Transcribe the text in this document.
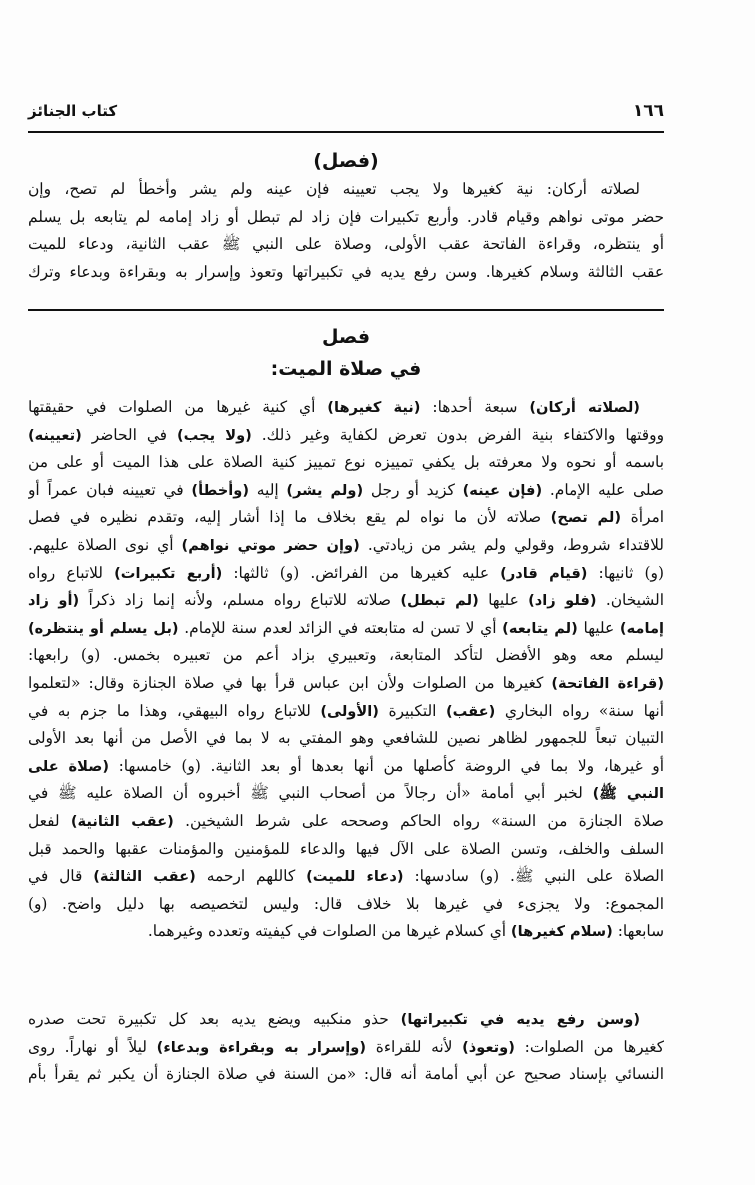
١٦٦
كتاب الجنائز
(فصل)
لصلاته أركان: نية كغيرها ولا يجب تعيينه فإن عينه ولم يشر وأخطأ لم تصح، وإن
حضر موتى نواهم وقيام قادر. وأربع تكبيرات فإن زاد لم تبطل أو زاد إمامه لم يتابعه بل يسلم
أو ينتظره، وقراءة الفاتحة عقب الأولى، وصلاة على النبي ﷺ عقب الثانية، ودعاء للميت
عقب الثالثة وسلام كغيرها. وسن رفع يديه في تكبيراتها وتعوذ وإسرار به وبقراءة وبدعاء وترك
فصل
في صلاة الميت:
(لصلاته أركان) سبعة أحدها: (نية كغيرها) أي كنية غيرها من الصلوات في حقيقتها
ووقتها والاكتفاء بنية الفرض بدون تعرض لكفاية وغير ذلك. (ولا يجب) في الحاضر (تعيينه)
باسمه أو نحوه ولا معرفته بل يكفي تمييزه نوع تمييز كنية الصلاة على هذا الميت أو على من
صلى عليه الإمام. (فإن عينه) كزيد أو رجل (ولم يشر) إليه (وأخطأ) في تعيينه فبان عمراً أو
امرأة (لم تصح) صلاته لأن ما نواه لم يقع بخلاف ما إذا أشار إليه، وتقدم نظيره في فصل
للاقتداء شروط، وقولي ولم يشر من زيادتي. (وإن حضر موتي نواهم) أي نوى الصلاة عليهم.
(و) ثانيها: (قيام قادر) عليه كغيرها من الفرائض. (و) ثالثها: (أربع تكبيرات) للاتباع رواه
الشيخان. (فلو زاد) عليها (لم تبطل) صلاته للاتباع رواه مسلم، ولأنه إنما زاد ذكراً (أو زاد
إمامه) عليها (لم يتابعه) أي لا تسن له متابعته في الزائد لعدم سنة للإمام. (بل يسلم أو ينتظره)
ليسلم معه وهو الأفضل لتأكد المتابعة، وتعبيري بزاد أعم من تعبيره بخمس. (و) رابعها:
(قراءة الفاتحة) كغيرها من الصلوات ولأن ابن عباس قرأ بها في صلاة الجنازة وقال: «لتعلموا
أنها سنة» رواه البخاري (عقب) التكبيرة (الأولى) للاتباع رواه البيهقي، وهذا ما جزم به في
التبيان تبعاً للجمهور لظاهر نصين للشافعي وهو المفتي به لا بما في الأصل من أنها بعد الأولى
أو غيرها، ولا بما في الروضة كأصلها من أنها بعدها أو بعد الثانية. (و) خامسها: (صلاة على
النبي ﷺ) لخبر أبي أمامة «أن رجالاً من أصحاب النبي ﷺ أخبروه أن الصلاة عليه ﷺ في
صلاة الجنازة من السنة» رواه الحاكم وصححه على شرط الشيخين. (عقب الثانية) لفعل
السلف والخلف، وتسن الصلاة على الآل فيها والدعاء للمؤمنين والمؤمنات عقبها والحمد قبل
الصلاة على النبي ﷺ. (و) سادسها: (دعاء للميت) كاللهم ارحمه (عقب الثالثة) قال في
المجموع: ولا يجزىء في غيرها بلا خلاف قال: وليس لتخصيصه بها دليل واضح. (و)
سابعها: (سلام كغيرها) أي كسلام غيرها من الصلوات في كيفيته وتعدده وغيرهما.
(وسن رفع يديه في تكبيراتها) حذو منكبيه ويضع يديه بعد كل تكبيرة تحت صدره
كغيرها من الصلوات: (وتعوذ) لأنه للقراءة (وإسرار به وبقراءة وبدعاء) ليلاً أو نهاراً. روى
النسائي بإسناد صحيح عن أبي أمامة أنه قال: «من السنة في صلاة الجنازة أن يكبر ثم يقرأ بأم
